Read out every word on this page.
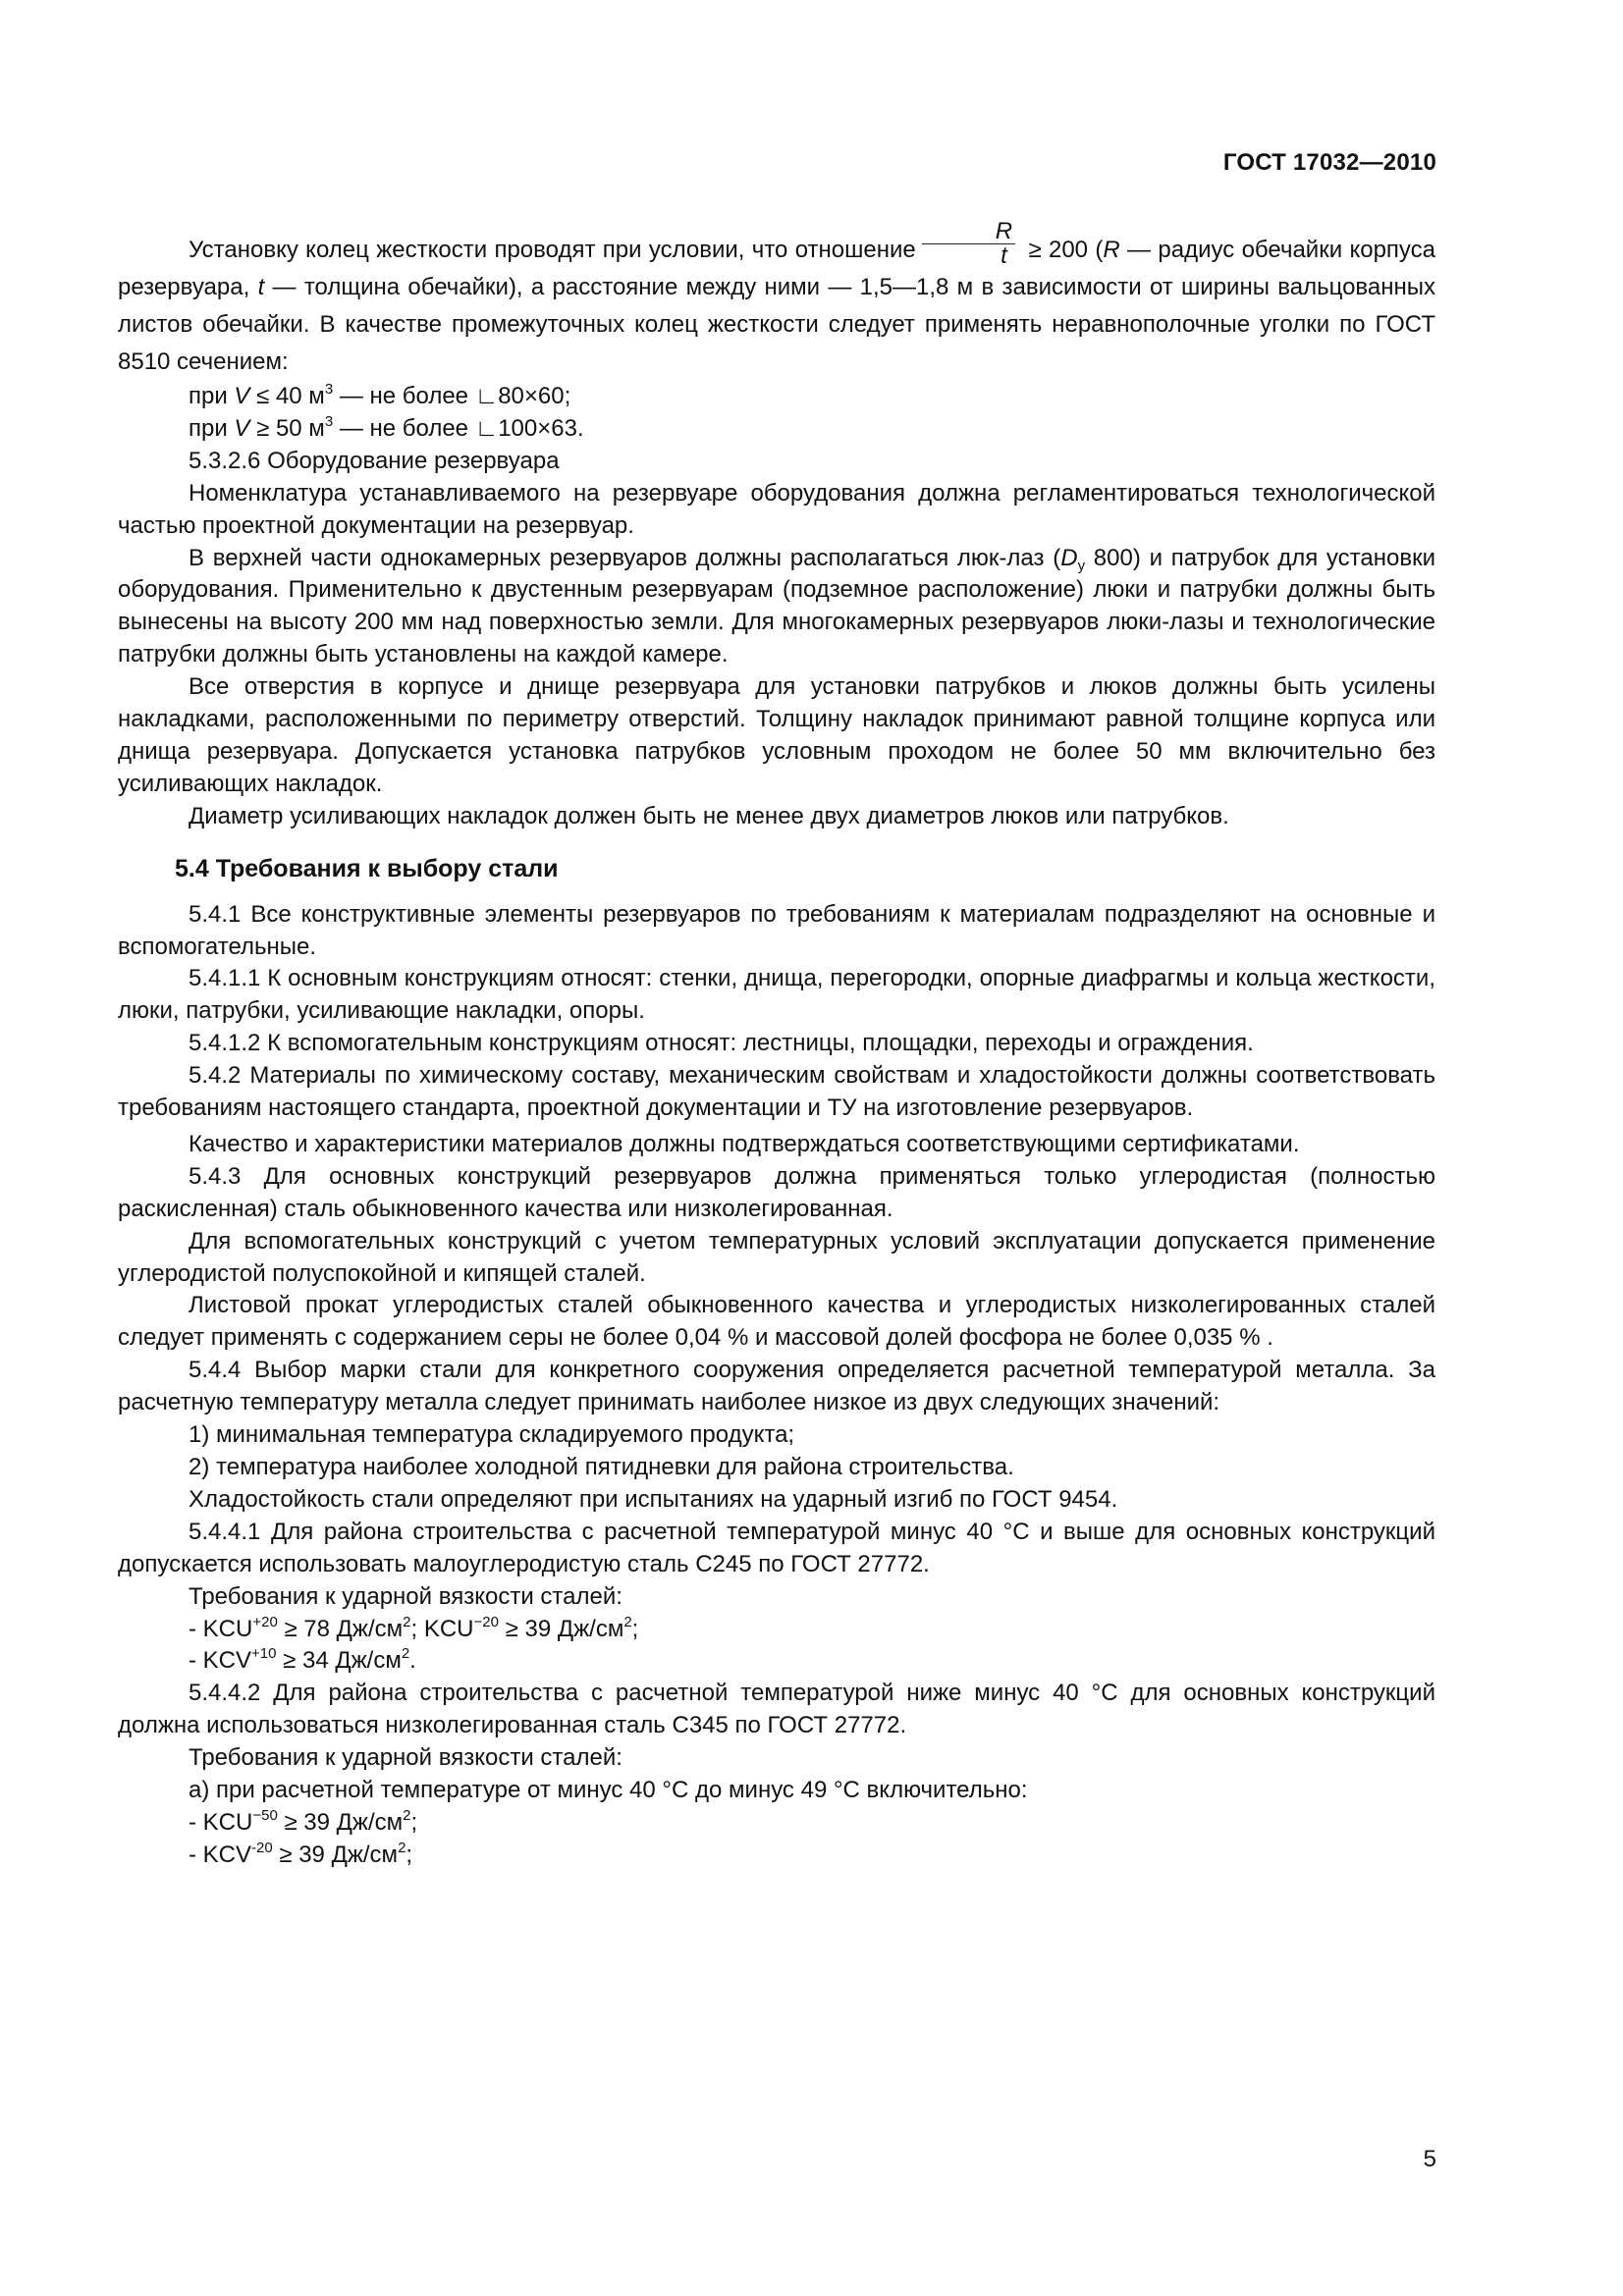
ГОСТ 17032—2010

Установку колец жесткости проводят при условии, что отношение $\frac{R}{t} \ge 200$ (R — радиус обечайки корпуса резервуара, t — толщина обечайки), а расстояние между ними — 1,5—1,8 м в зависимости от ширины вальцованных листов обечайки. В качестве промежуточных колец жесткости следует применять неравнополочные уголки по ГОСТ 8510 сечением:

при V ≤ 40 $м^3$ — не более ∟80×60;

при V ≥ 50 $м^3$ — не более ∟100×63.

5.3.2.6 Оборудование резервуара

Номенклатура устанавливаемого на резервуаре оборудования должна регламентироваться технологической частью проектной документации на резервуар.

В верхней части однокамерных резервуаров должны располагаться люк-лаз ($D_y$ 800) и патрубок для установки оборудования. Применительно к двустенным резервуарам (подземное расположение) люки и патрубки должны быть вынесены на высоту 200 мм над поверхностью земли. Для многокамерных резервуаров люки-лазы и технологические патрубки должны быть установлены на каждой камере.

Все отверстия в корпусе и днище резервуара для установки патрубков и люков должны быть усилены накладками, расположенными по периметру отверстий. Толщину накладок принимают равной толщине корпуса или днища резервуара. Допускается установка патрубков условным проходом не более 50 мм включительно без усиливающих накладок.

Диаметр усиливающих накладок должен быть не менее двух диаметров люков или патрубков.

5.4 Требования к выбору стали

5.4.1 Все конструктивные элементы резервуаров по требованиям к материалам подразделяют на основные и вспомогательные.

5.4.1.1 К основным конструкциям относят: стенки, днища, перегородки, опорные диафрагмы и кольца жесткости, люки, патрубки, усиливающие накладки, опоры.

5.4.1.2 К вспомогательным конструкциям относят: лестницы, площадки, переходы и ограждения.

5.4.2 Материалы по химическому составу, механическим свойствам и хладостойкости должны соответствовать требованиям настоящего стандарта, проектной документации и ТУ на изготовление резервуаров.

Качество и характеристики материалов должны подтверждаться соответствующими сертификатами.

5.4.3 Для основных конструкций резервуаров должна применяться только углеродистая (полностью раскисленная) сталь обыкновенного качества или низколегированная.

Для вспомогательных конструкций с учетом температурных условий эксплуатации допускается применение углеродистой полуспокойной и кипящей сталей.

Листовой прокат углеродистых сталей обыкновенного качества и углеродистых низколегированных сталей следует применять с содержанием серы не более 0,04 % и массовой долей фосфора не более 0,035 % .

5.4.4 Выбор марки стали для конкретного сооружения определяется расчетной температурой металла. За расчетную температуру металла следует принимать наиболее низкое из двух следующих значений:

1) минимальная температура складируемого продукта;

2) температура наиболее холодной пятидневки для района строительства.

Хладостойкость стали определяют при испытаниях на ударный изгиб по ГОСТ 9454.

5.4.4.1 Для района строительства с расчетной температурой минус 40 °С и выше для основных конструкций допускается использовать малоуглеродистую сталь С245 по ГОСТ 27772.

Требования к ударной вязкости сталей:

- $KCU^{+20} \ge 78$ $Дж/см^2$; $KCU^{-20} \ge 39$ $Дж/см^2$;

- $KCV^{+10} \ge 34$ $Дж/см^2$.

5.4.4.2 Для района строительства с расчетной температурой ниже минус 40 °С для основных конструкций должна использоваться низколегированная сталь С345 по ГОСТ 27772.

Требования к ударной вязкости сталей:

а) при расчетной температуре от минус 40 °С до минус 49 °С включительно:

- $KCU^{-50} \ge 39$ $Дж/см^2$;

- $KCV^{-20} \ge 39$ $Дж/см^2$;

5
